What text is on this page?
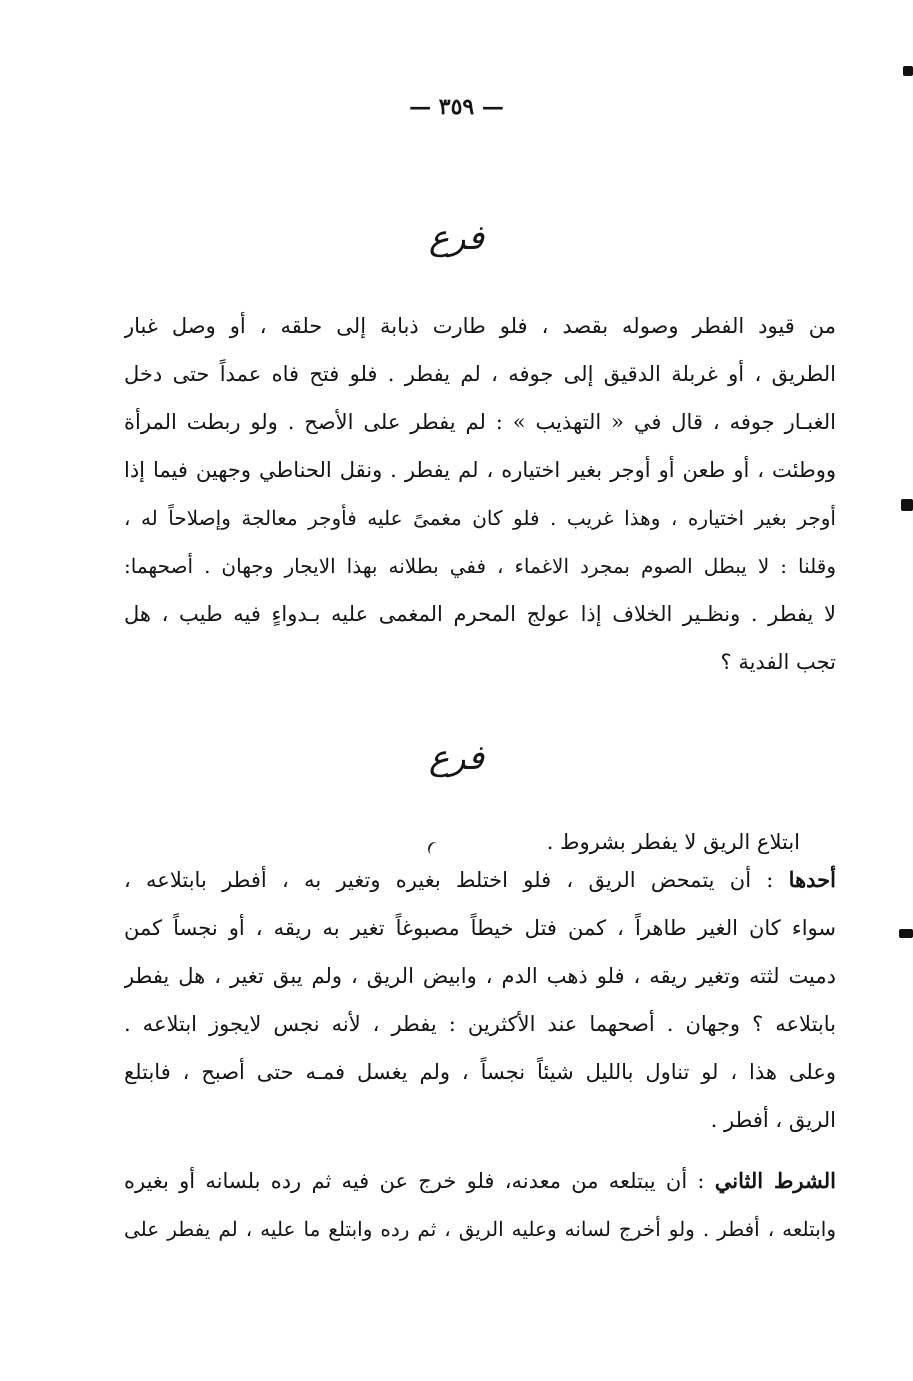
— ٣٥٩ —
فرع
من قيود الفطر وصوله بقصد ، فلو طارت ذبابة إلى حلقه ، أو وصل غبار
الطريق ، أو غربلة الدقيق إلى جوفه ، لم يفطر . فلو فتح فاه عمداً حتى دخل
الغبـار جوفه ، قال في « التهذيب » : لم يفطر على الأصح . ولو ربطت المرأة
ووطئت ، أو طعن أو أوجر بغير اختياره ، لم يفطر . ونقل الحناطي وجهين فيما إذا
أوجر بغير اختياره ، وهذا غريب . فلو كان مغمىً عليه فأوجر معالجة وإصلاحاً له ،
وقلنا : لا يبطل الصوم بمجرد الاغماء ، ففي بطلانه بهذا الايجار وجهان . أصحهما:
لا يفطر . ونظـير الخلاف إذا عولج المحرم المغمى عليه بـدواءٍ فيه طيب ، هل
تجب الفدية ؟
فرع
ابتلاع الريق لا يفطر بشروط .
أحدها : أن يتمحض الريق ، فلو اختلط بغيره وتغير به ، أفطر بابتلاعه ،
سواء كان الغير طاهراً ، كمن فتل خيطاً مصبوغاً تغير به ريقه ، أو نجساً كمن
دميت لثته وتغير ريقه ، فلو ذهب الدم ، وابيض الريق ، ولم يبق تغير ، هل يفطر
بابتلاعه ؟ وجهان . أصحهما عند الأكثرين : يفطر ، لأنه نجس لايجوز ابتلاعه .
وعلى هذا ، لو تناول بالليل شيئاً نجساً ، ولم يغسل فمـه حتى أصبح ، فابتلع
الريق ، أفطر .
الشرط الثاني : أن يبتلعه من معدنه، فلو خرج عن فيه ثم رده بلسانه أو بغيره
وابتلعه ، أفطر . ولو أخرج لسانه وعليه الريق ، ثم رده وابتلع ما عليه ، لم يفطر على
